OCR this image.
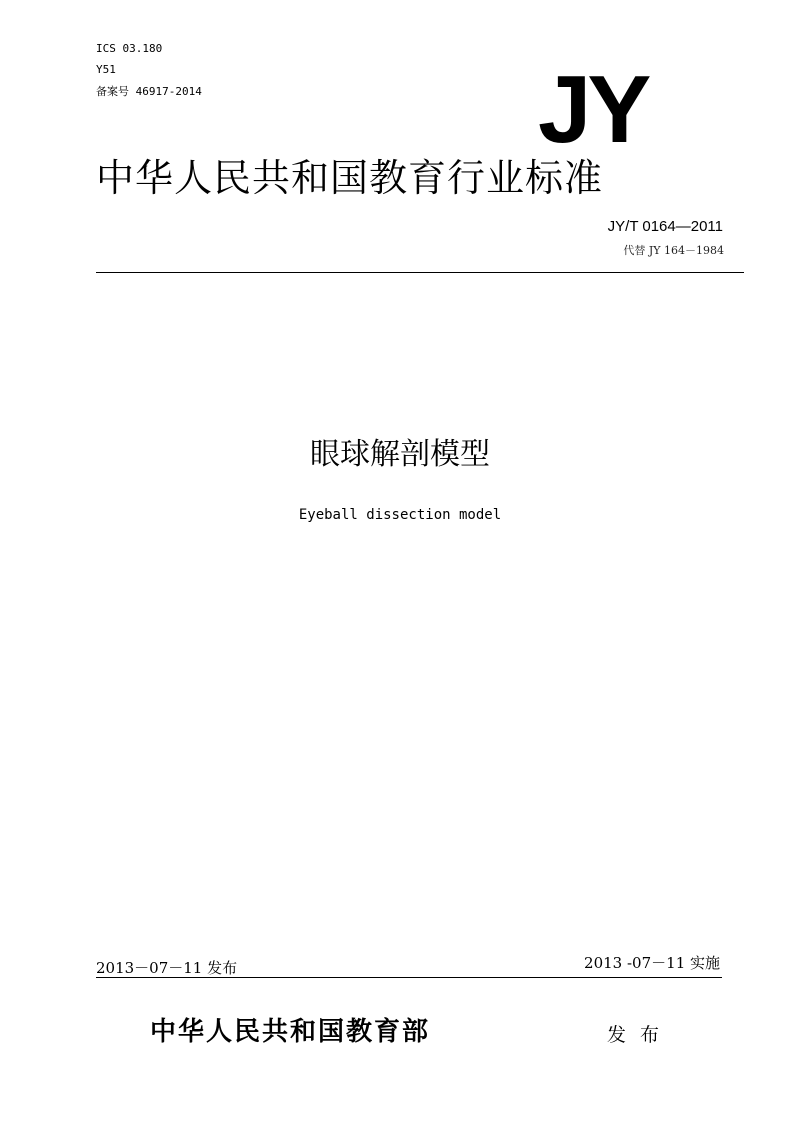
ICS 03.180
Y51
备案号 46917-2014	JY
中华人民共和国教育行业标准
JY/T 0164—2011
代替 JY 164－1984
眼球解剖模型
Eyeball dissection model
2013－07－11 发布	2013 -07－11 实施
中华人民共和国教育部	发布
